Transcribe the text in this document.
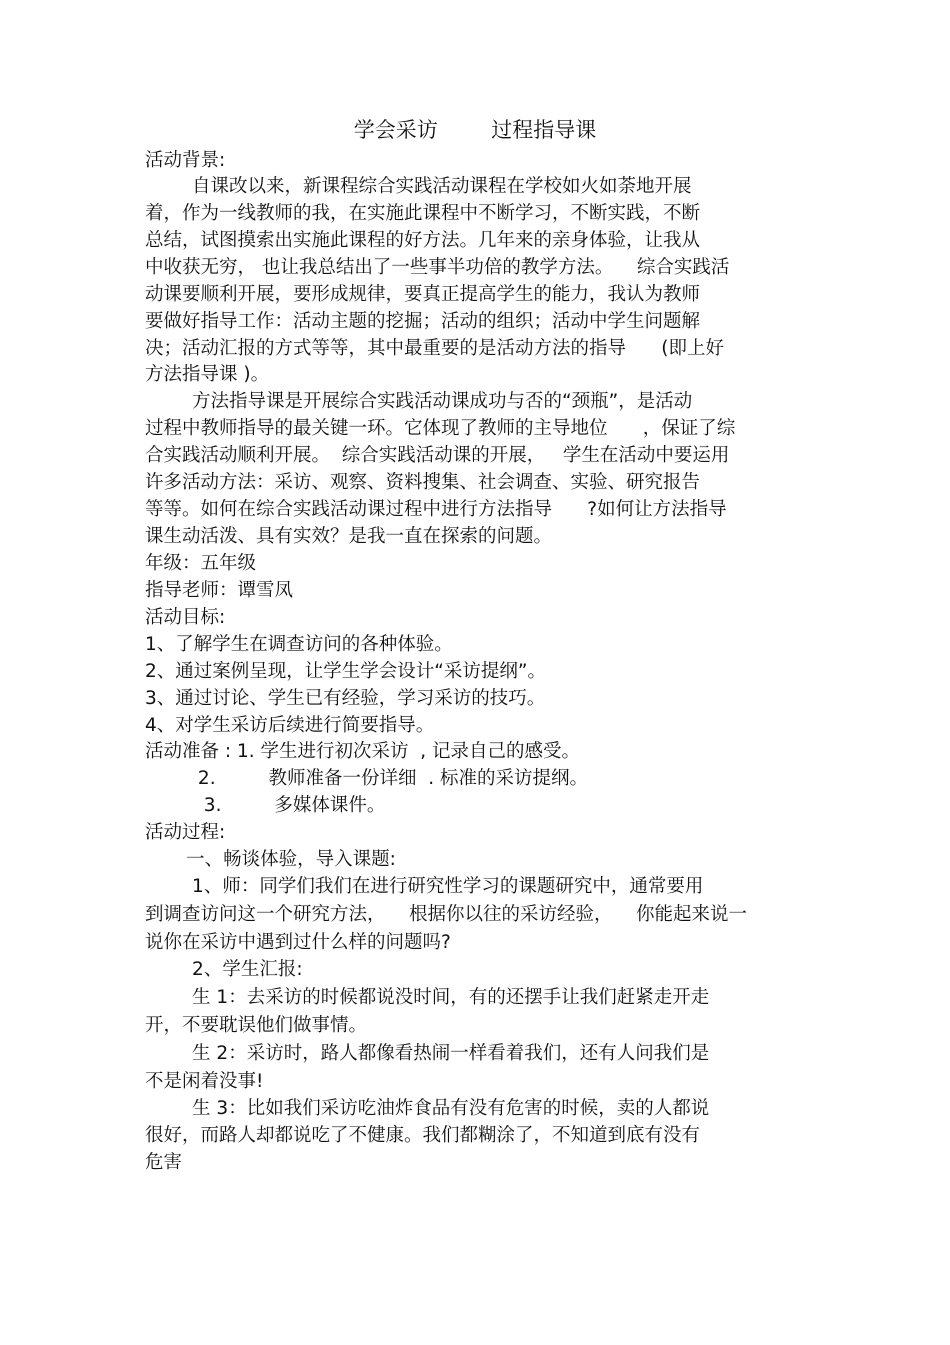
学会采访        过程指导课
活动背景:
自课改以来，新课程综合实践活动课程在学校如火如荼地开展
着，作为一线教师的我，在实施此课程中不断学习，不断实践，不断
总结，试图摸索出实施此课程的好方法。几年来的亲身体验，让我从
中收获无穷， 也让我总结出了一些事半功倍的教学方法。    综合实践活
动课要顺利开展，要形成规律，要真正提高学生的能力，我认为教师
要做好指导工作：活动主题的挖掘；活动的组织；活动中学生问题解
决；活动汇报的方式等等，其中最重要的是活动方法的指导      (即上好
方法指导课 )。
方法指导课是开展综合实践活动课成功与否的“颈瓶”，是活动
过程中教师指导的最关键一环。它体现了教师的主导地位      ，保证了综
合实践活动顺利开展。  综合实践活动课的开展，   学生在活动中要运用
许多活动方法：采访、观察、资料搜集、社会调查、实验、研究报告
等等。如何在综合实践活动课过程中进行方法指导      ?如何让方法指导
课生动活泼、具有实效？是我一直在探索的问题。
年级：五年级
指导老师：谭雪凤
活动目标:
1、了解学生在调查访问的各种体验。
2、通过案例呈现，让学生学会设计“采访提纲”。
3、通过讨论、学生已有经验，学习采访的技巧。
4、对学生采访后续进行简要指导。
活动准备 : 1. 学生进行初次采访  , 记录自己的感受。
2.         教师准备一份详细  . 标准的采访提纲。
3.         多媒体课件。
活动过程:
一、畅谈体验，导入课题:
1、师：同学们我们在进行研究性学习的课题研究中，通常要用
到调查访问这一个研究方法，    根据你以往的采访经验，    你能起来说一
说你在采访中遇到过什么样的问题吗?
2、学生汇报:
生 1：去采访的时候都说没时间，有的还摆手让我们赶紧走开走
开，不要耽误他们做事情。
生 2：采访时，路人都像看热闹一样看着我们，还有人问我们是
不是闲着没事!
生 3：比如我们采访吃油炸食品有没有危害的时候，卖的人都说
很好，而路人却都说吃了不健康。我们都糊涂了，不知道到底有没有
危害
